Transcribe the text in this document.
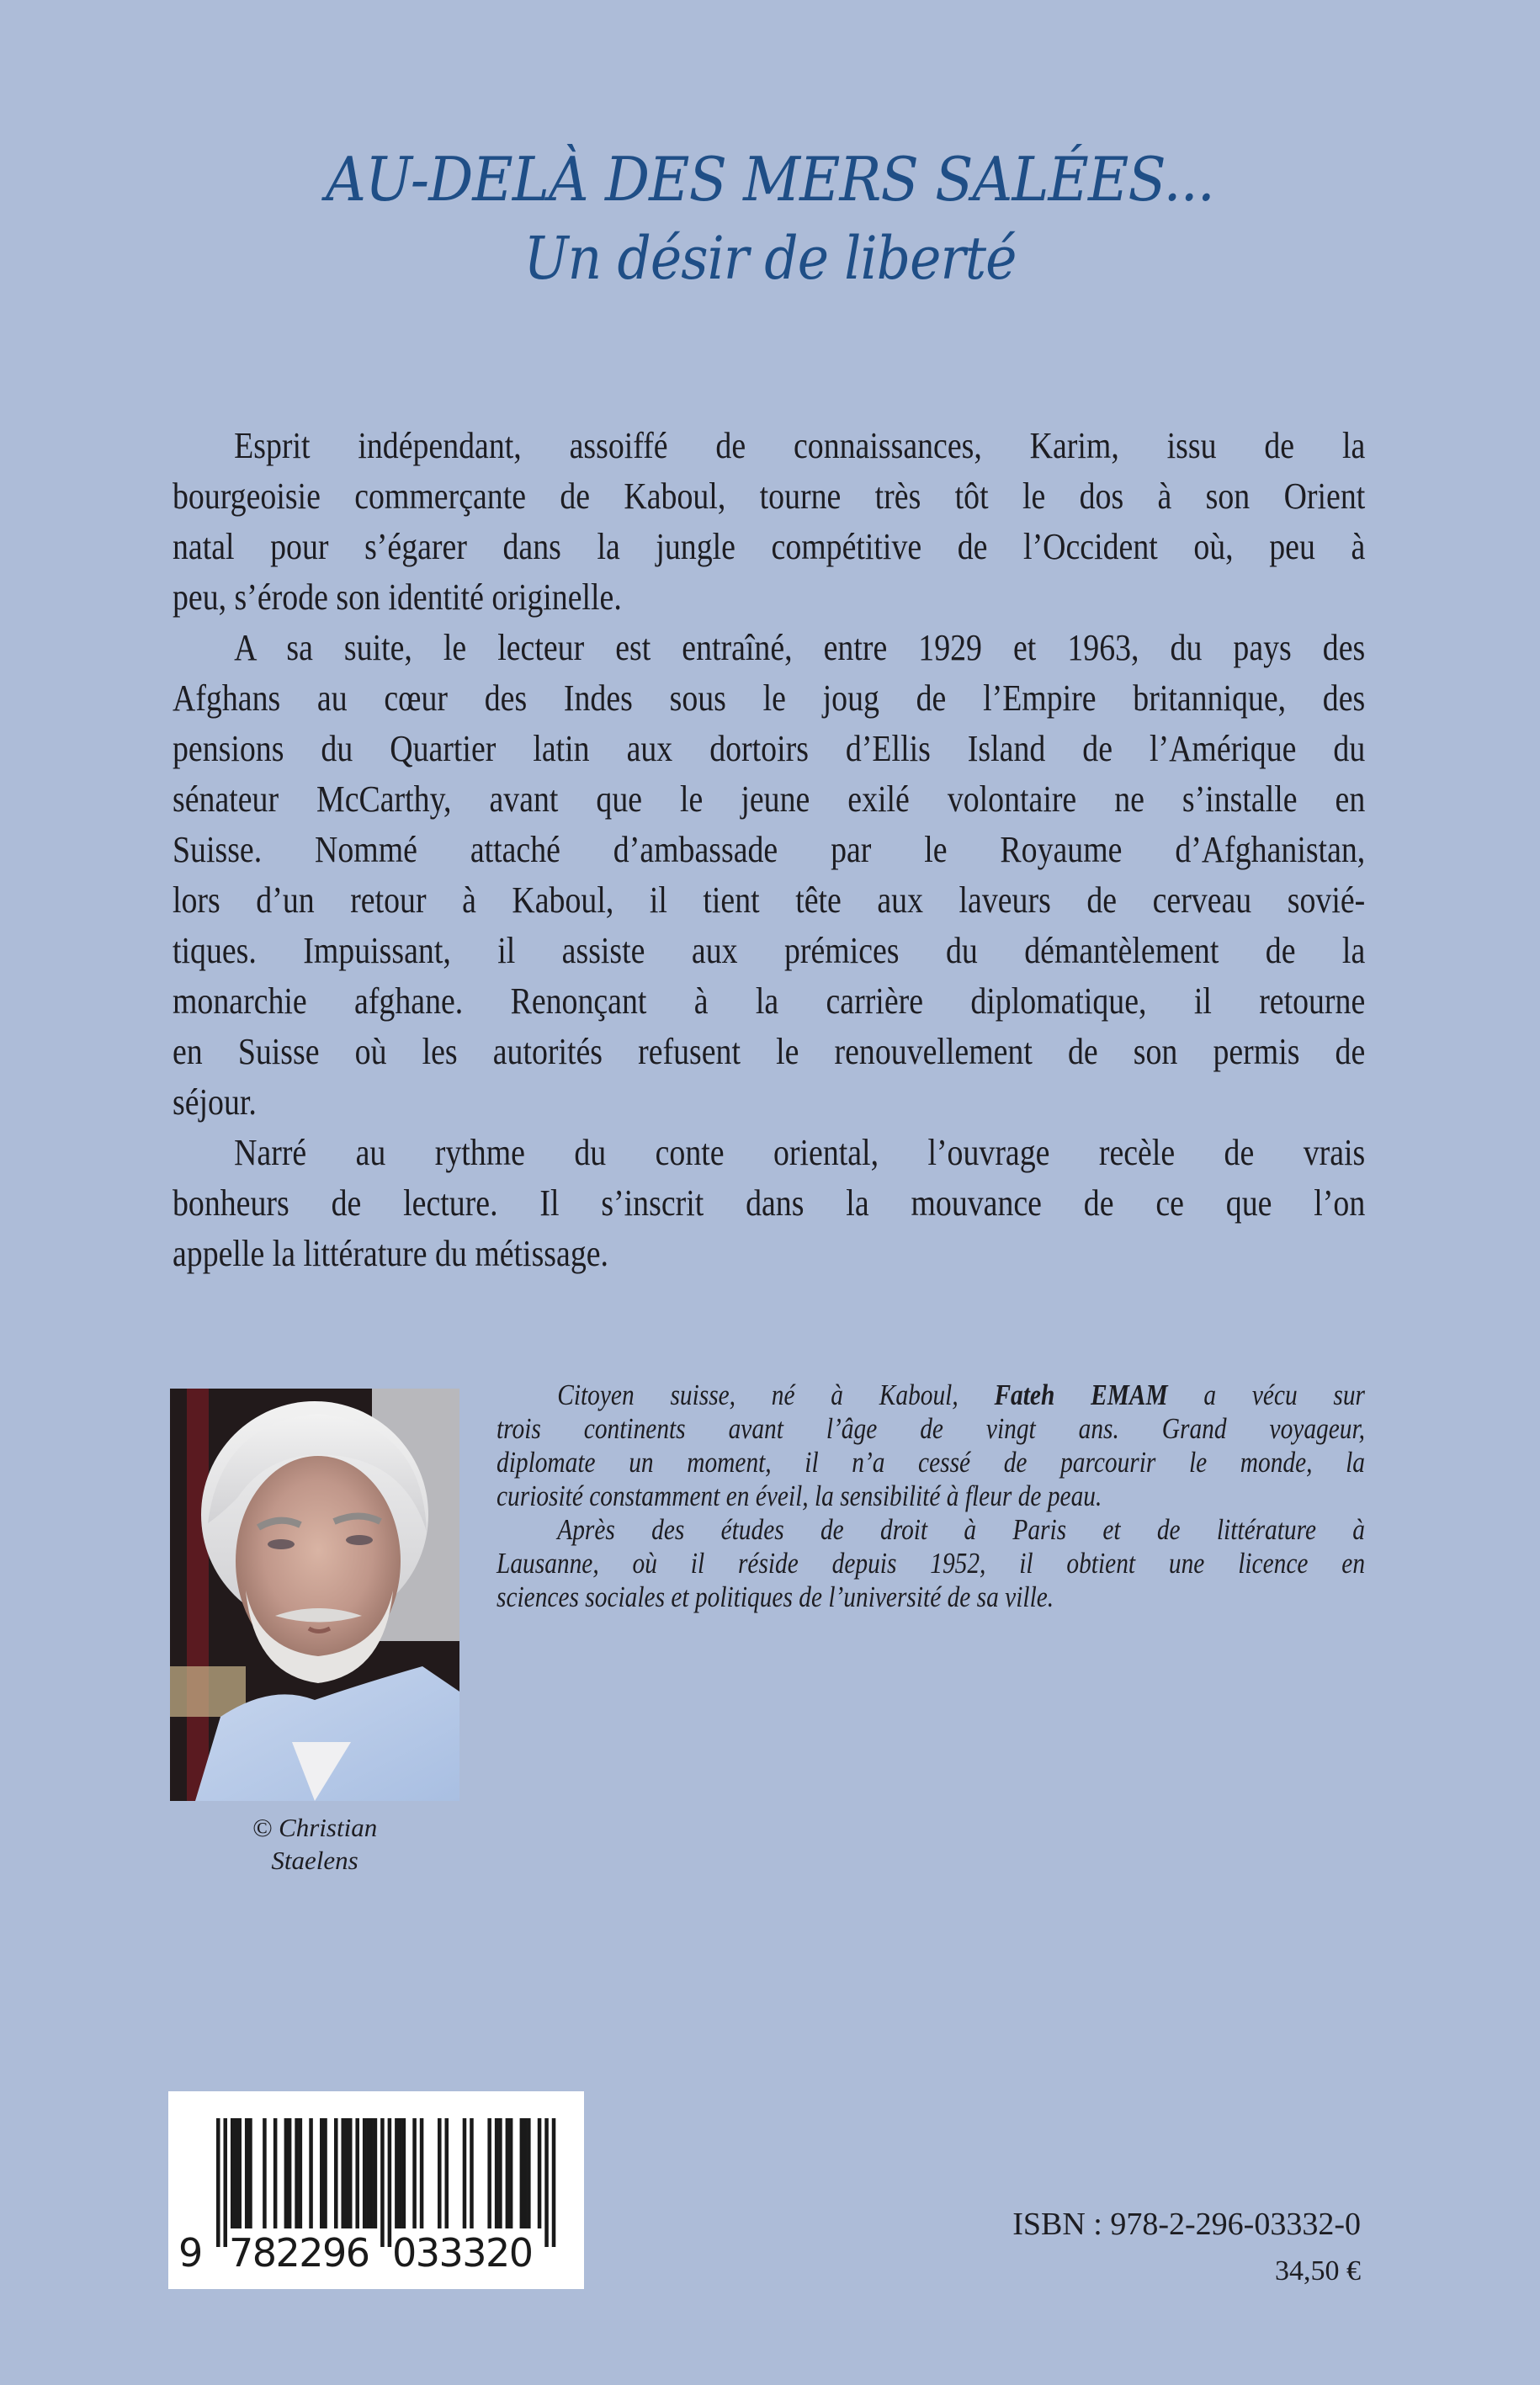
AU-DELÀ DES MERS SALÉES...
Un désir de liberté
Esprit indépendant, assoiffé de connaissances, Karim, issu de la
bourgeoisie commerçante de Kaboul, tourne très tôt le dos à son Orient
natal pour s’égarer dans la jungle compétitive de l’Occident où, peu à
peu, s’érode son identité originelle.
A sa suite, le lecteur est entraîné, entre 1929 et 1963, du pays des
Afghans au cœur des Indes sous le joug de l’Empire britannique, des
pensions du Quartier latin aux dortoirs d’Ellis Island de l’Amérique du
sénateur McCarthy, avant que le jeune exilé volontaire ne s’installe en
Suisse. Nommé attaché d’ambassade par le Royaume d’Afghanistan,
lors d’un retour à Kaboul, il tient tête aux laveurs de cerveau sovié-
tiques. Impuissant, il assiste aux prémices du démantèlement de la
monarchie afghane. Renonçant à la carrière diplomatique, il retourne
en Suisse où les autorités refusent le renouvellement de son permis de
séjour.
Narré au rythme du conte oriental, l’ouvrage recèle de vrais
bonheurs de lecture. Il s’inscrit dans la mouvance de ce que l’on
appelle la littérature du métissage.
© Christian
Staelens
Citoyen suisse, né à Kaboul, Fateh EMAM a vécu sur
trois continents avant l’âge de vingt ans. Grand voyageur,
diplomate un moment, il n’a cessé de parcourir le monde, la
curiosité constamment en éveil, la sensibilité à fleur de peau.
Après des études de droit à Paris et de littérature à
Lausanne, où il réside depuis 1952, il obtient une licence en
sciences sociales et politiques de l’université de sa ville.
9 782296 033320
ISBN : 978-2-296-03332-0
34,50 €
